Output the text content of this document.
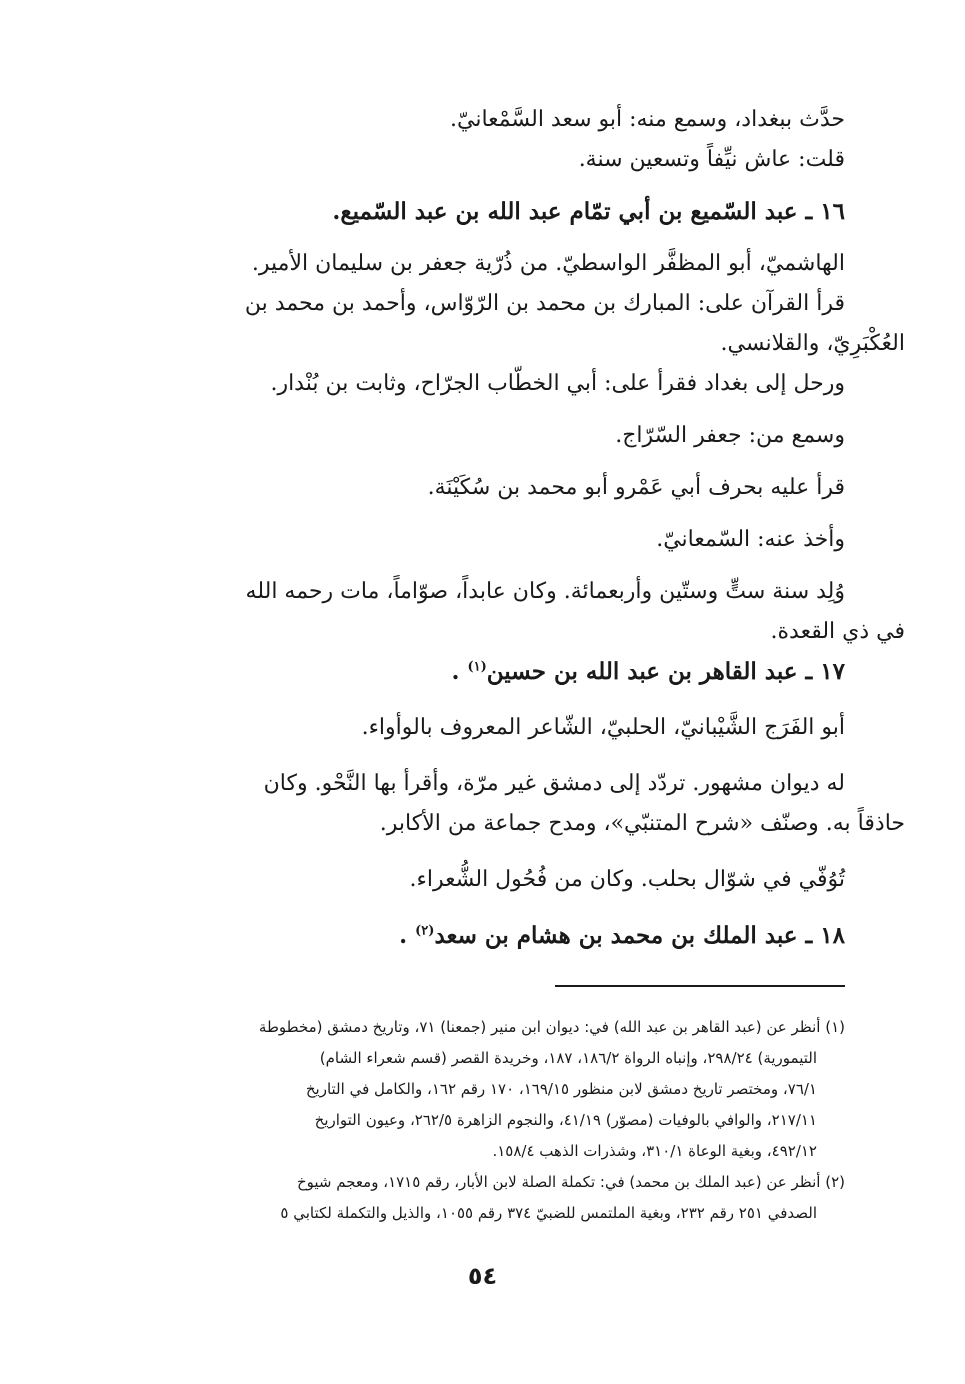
حدَّث ببغداد، وسمع منه: أبو سعد السَّمْعانيّ.

قلت: عاش نيِّفاً وتسعين سنة.

١٦ ـ عبد السّميع بن أبي تمّام عبد الله بن عبد السّميع.

الهاشميّ، أبو المظفَّر الواسطيّ. من ذُرّية جعفر بن سليمان الأمير.

قرأ القرآن على: المبارك بن محمد بن الرّوّاس، وأحمد بن محمد بن

العُكْبَرِيّ، والقلانسي.

ورحل إلى بغداد فقرأ على: أبي الخطّاب الجرّاح، وثابت بن بُنْدار.

وسمع من: جعفر السّرّاج.

قرأ عليه بحرف أبي عَمْرو أبو محمد بن سُكَيْنَة.

وأخذ عنه: السّمعانيّ.

وُلِد سنة ستٍّ وستّين وأربعمائة. وكان عابداً، صوّاماً، مات رحمه الله

في ذي القعدة.

١٧ ـ عبد القاهر بن عبد الله بن حسين$^{(١)}$ .

أبو الفَرَج الشَّيْبانيّ، الحلبيّ، الشّاعر المعروف بالوأواء.

له ديوان مشهور. تردّد إلى دمشق غير مرّة، وأقرأ بها النَّحْو. وكان

حاذقاً به. وصنّف «شرح المتنبّي»، ومدح جماعة من الأكابر.

تُوُفّي في شوّال بحلب. وكان من فُحُول الشُّعراء.

١٨ ـ عبد الملك بن محمد بن هشام بن سعد$^{(٢)}$ .

(١) أنظر عن (عبد القاهر بن عبد الله) في: ديوان ابن منير (جمعنا) ٧١، وتاريخ دمشق (مخطوطة

التيمورية) ٢٩٨/٢٤، وإنباه الرواة ١٨٦/٢، ١٨٧، وخريدة القصر (قسم شعراء الشام)

٧٦/١، ومختصر تاريخ دمشق لابن منظور ١٦٩/١٥، ١٧٠ رقم ١٦٢، والكامل في التاريخ

٢١٧/١١، والوافي بالوفيات (مصوّر) ٤١/١٩، والنجوم الزاهرة ٢٦٢/٥، وعيون التواريخ

٤٩٢/١٢، وبغية الوعاة ٣١٠/١، وشذرات الذهب ١٥٨/٤.

(٢) أنظر عن (عبد الملك بن محمد) في: تكملة الصلة لابن الأبار، رقم ١٧١٥، ومعجم شيوخ

الصدفي ٢٥١ رقم ٢٣٢، وبغية الملتمس للضبيّ ٣٧٤ رقم ١٠٥٥، والذيل والتكملة لكتابي ٥

٥٤
